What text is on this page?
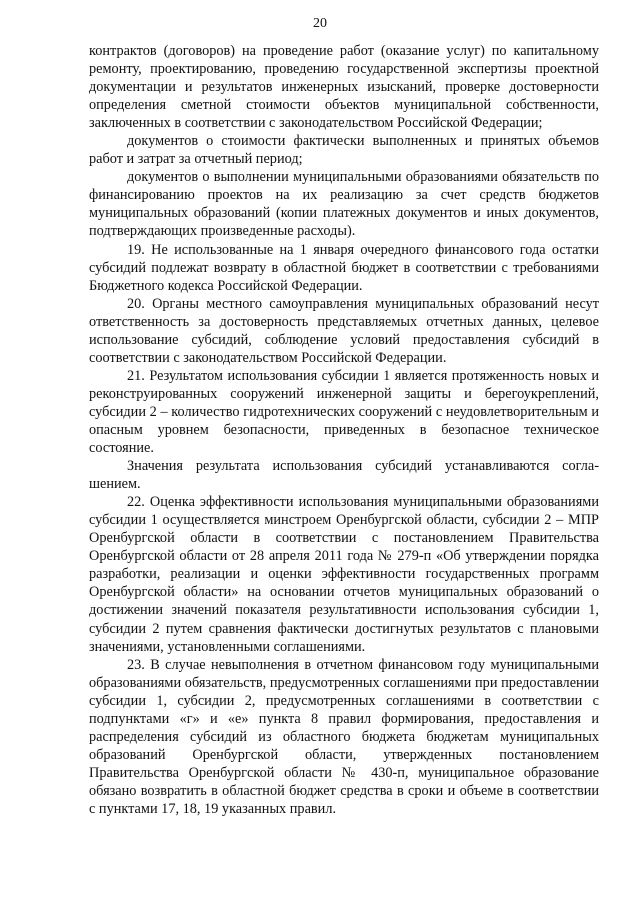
20

контрактов (договоров) на проведение работ (оказание услуг) по капитальному ремонту, проектированию, проведению государственной экспертизы проектной документации и результатов инженерных изысканий, проверке достоверности определения сметной стоимости объектов муниципальной собственности, заключенных в соответствии с законодательством Российской Федерации;

документов о стоимости фактически выполненных и принятых объемов работ и затрат за отчетный период;

документов о выполнении муниципальными образованиями обязательств по финансированию проектов на их реализацию за счет средств бюджетов муниципальных образований (копии платежных документов и иных документов, подтверждающих произведенные расходы).

19. Не использованные на 1 января очередного финансового года остатки субсидий подлежат возврату в областной бюджет в соответствии с требованиями Бюджетного кодекса Российской Федерации.

20. Органы местного самоуправления муниципальных образований несут ответственность за достоверность представляемых отчетных данных, целевое использование субсидий, соблюдение условий предоставления субсидий в соответствии с законодательством Российской Федерации.

21. Результатом использования субсидии 1 является протяженность новых и реконструированных сооружений инженерной защиты и берегоукреплений, субсидии 2 – количество гидротехнических сооружений с неудовлетворительным и опасным уровнем безопасности, приведенных в безопасное техническое состояние.

Значения результата использования субсидий устанавливаются соглашением.

22. Оценка эффективности использования муниципальными образованиями субсидии 1 осуществляется минстроем Оренбургской области, субсидии 2 – МПР Оренбургской области в соответствии с постановлением Правительства Оренбургской области от 28 апреля 2011 года № 279-п «Об утверждении порядка разработки, реализации и оценки эффективности государственных программ Оренбургской области» на основании отчетов муниципальных образований о достижении значений показателя результативности использования субсидии 1, субсидии 2 путем сравнения фактически достигнутых результатов с плановыми значениями, установленными соглашениями.

23. В случае невыполнения в отчетном финансовом году муниципальными образованиями обязательств, предусмотренных соглашениями при предоставлении субсидии 1, субсидии 2, предусмотренных соглашениями в соответствии с подпунктами «г» и «е» пункта 8 правил формирования, предоставления и распределения субсидий из областного бюджета бюджетам муниципальных образований Оренбургской области, утвержденных постановлением Правительства Оренбургской области № 430-п, муниципальное образование обязано возвратить в областной бюджет средства в сроки и объеме в соответствии с пунктами 17, 18, 19 указанных правил.
